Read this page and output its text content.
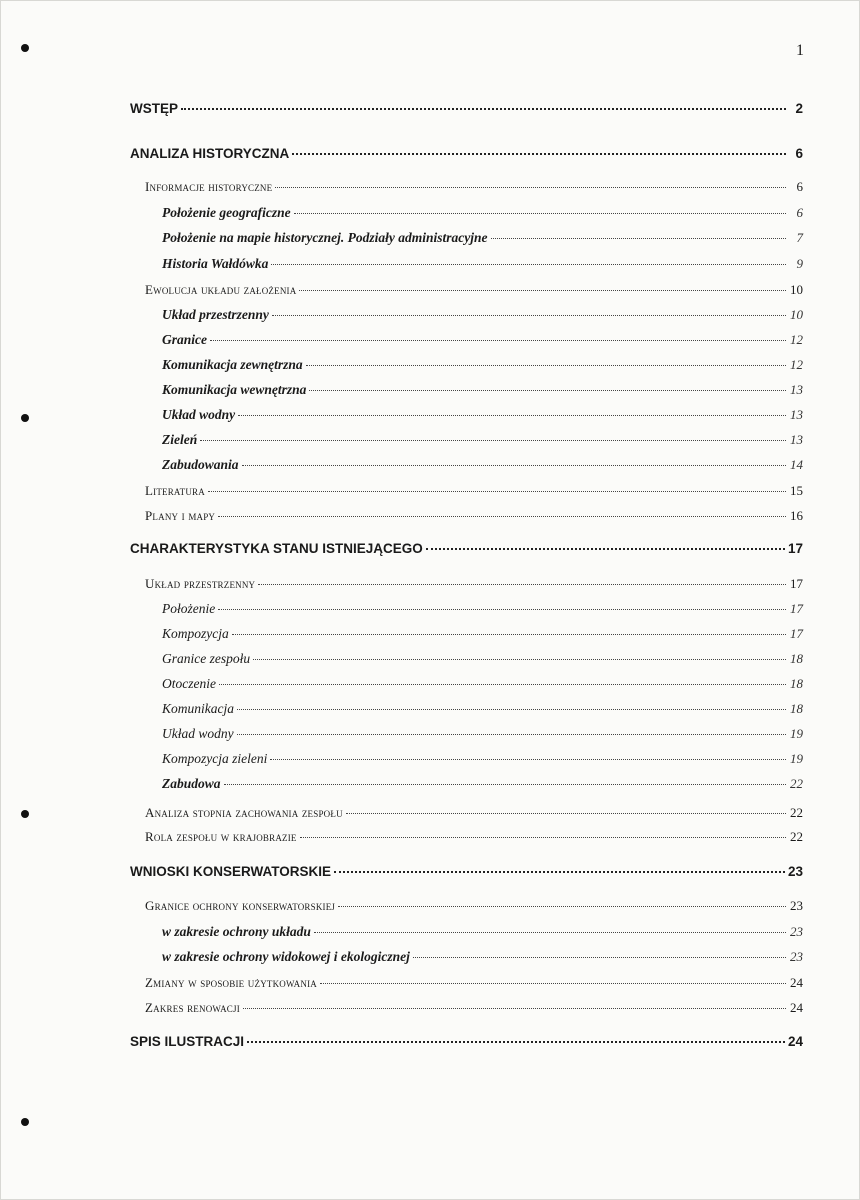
1
WSTĘP	2
ANALIZA HISTORYCZNA	6
Informacje historyczne	6
Położenie geograficzne	6
Położenie na mapie historycznej. Podziały administracyjne	7
Historia Wałdówka	9
Ewolucja układu założenia	10
Układ przestrzenny	10
Granice	12
Komunikacja zewnętrzna	12
Komunikacja wewnętrzna	13
Układ wodny	13
Zieleń	13
Zabudowania	14
Literatura	15
Plany i mapy	16
CHARAKTERYSTYKA STANU ISTNIEJĄCEGO	17
Układ przestrzenny	17
Położenie	17
Kompozycja	17
Granice zespołu	18
Otoczenie	18
Komunikacja	18
Układ wodny	19
Kompozycja zieleni	19
Zabudowa	22
Analiza stopnia zachowania zespołu	22
Rola zespołu w krajobrazie	22
WNIOSKI KONSERWATORSKIE	23
Granice ochrony konserwatorskiej	23
w zakresie ochrony układu	23
w zakresie ochrony widokowej i ekologicznej	23
Zmiany w sposobie użytkowania	24
Zakres renowacji	24
SPIS ILUSTRACJI	24
